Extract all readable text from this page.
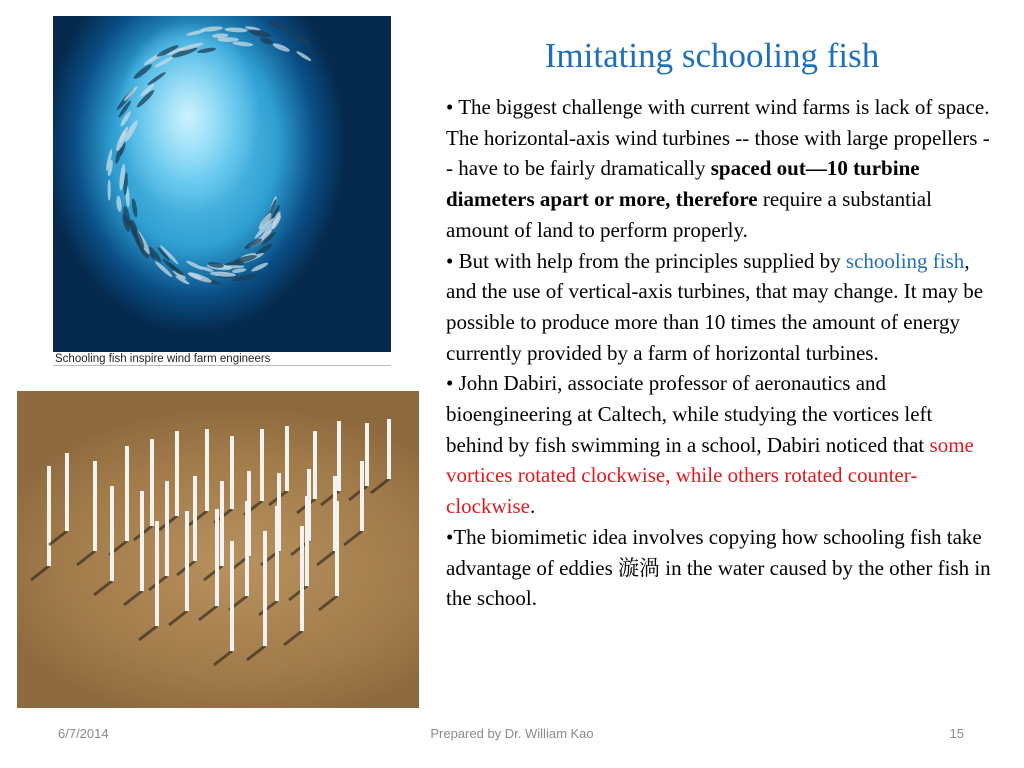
Schooling fish inspire wind farm engineers
Imitating schooling fish

• The biggest challenge with current wind farms is lack of space. The horizontal-axis wind turbines -- those with large propellers -- have to be fairly dramatically spaced out—10 turbine diameters apart or more, therefore require a substantial amount of land to perform properly.

• But with help from the principles supplied by schooling fish, and the use of vertical-axis turbines, that may change. It may be possible to produce more than 10 times the amount of energy currently provided by a farm of horizontal turbines.

• John Dabiri, associate professor of aeronautics and bioengineering at Caltech, while studying the vortices left behind by fish swimming in a school, Dabiri noticed that some vortices rotated clockwise, while others rotated counter-clockwise.

•The biomimetic idea involves copying how schooling fish take advantage of eddies 漩渦 in the water caused by the other fish in the school.

6/7/2014	Prepared by Dr. William Kao	15
